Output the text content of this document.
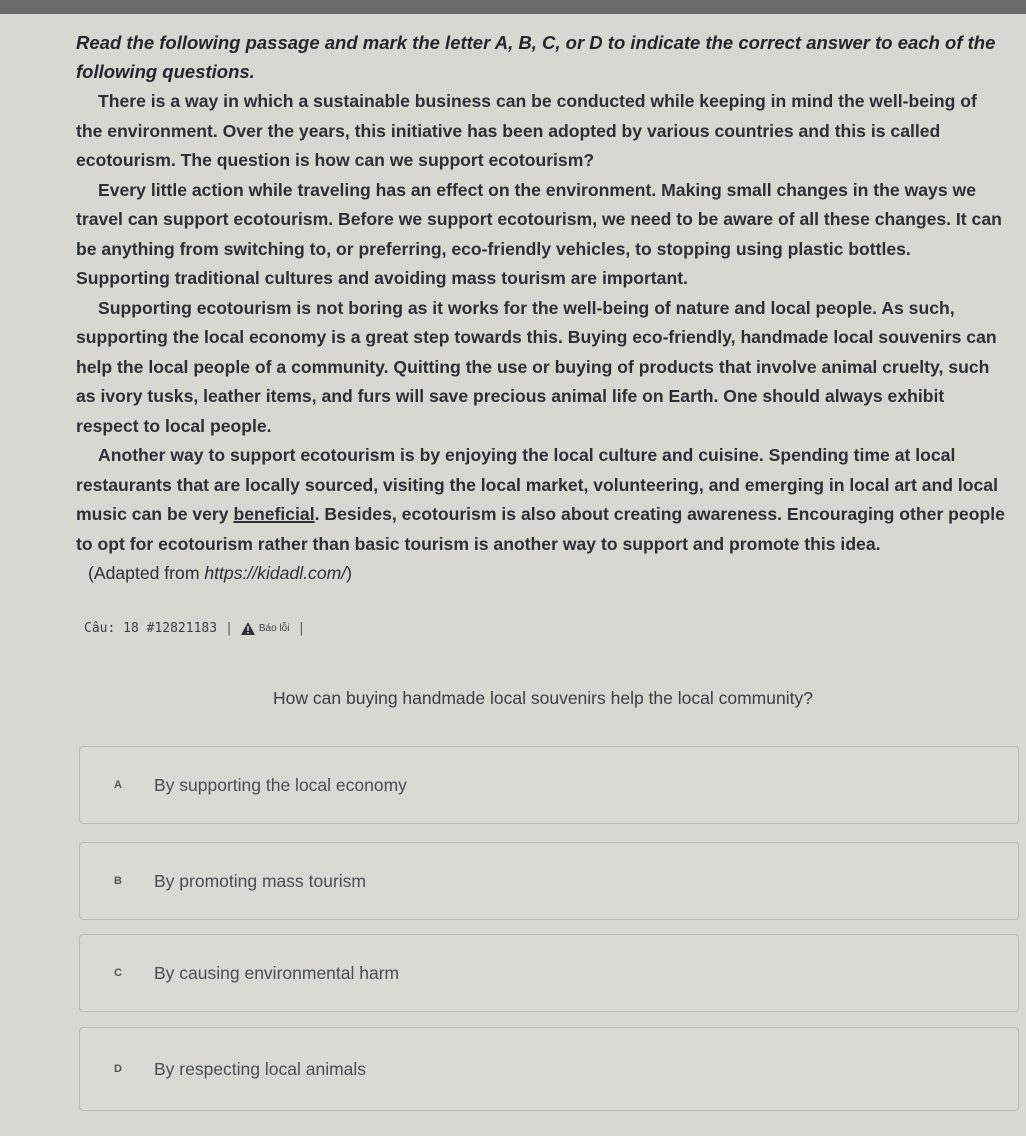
Read the following passage and mark the letter A, B, C, or D to indicate the correct answer to each of the following questions.

There is a way in which a sustainable business can be conducted while keeping in mind the well-being of the environment. Over the years, this initiative has been adopted by various countries and this is called ecotourism. The question is how can we support ecotourism?

Every little action while traveling has an effect on the environment. Making small changes in the ways we travel can support ecotourism. Before we support ecotourism, we need to be aware of all these changes. It can be anything from switching to, or preferring, eco-friendly vehicles, to stopping using plastic bottles. Supporting traditional cultures and avoiding mass tourism are important.

Supporting ecotourism is not boring as it works for the well-being of nature and local people. As such, supporting the local economy is a great step towards this. Buying eco-friendly, handmade local souvenirs can help the local people of a community. Quitting the use or buying of products that involve animal cruelty, such as ivory tusks, leather items, and furs will save precious animal life on Earth. One should always exhibit respect to local people.

Another way to support ecotourism is by enjoying the local culture and cuisine. Spending time at local restaurants that are locally sourced, visiting the local market, volunteering, and emerging in local art and local music can be very beneficial. Besides, ecotourism is also about creating awareness. Encouraging other people to opt for ecotourism rather than basic tourism is another way to support and promote this idea.

(Adapted from https://kidadl.com/)

Câu: 18 #12821183 |	Báo lỗi |
How can buying handmade local souvenirs help the local community?
A By supporting the local economy
B By promoting mass tourism
C By causing environmental harm
D By respecting local animals
